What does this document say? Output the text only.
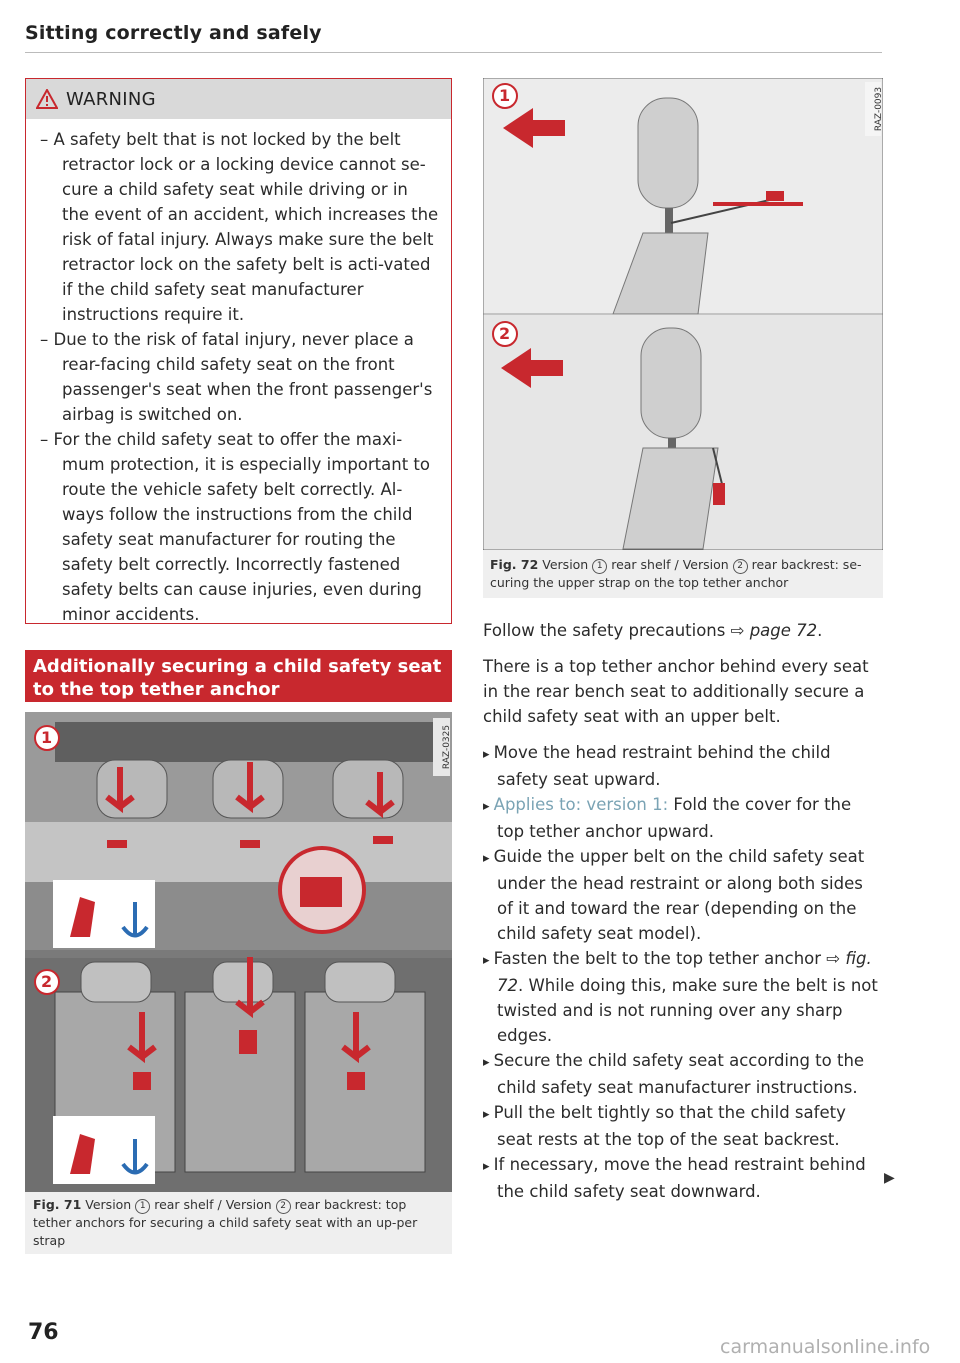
Sitting correctly and safely
WARNING
– A safety belt that is not locked by the belt retractor lock or a locking device cannot se-cure a child safety seat while driving or in the event of an accident, which increases the risk of fatal injury. Always make sure the belt retractor lock on the safety belt is acti-vated if the child safety seat manufacturer instructions require it.
– Due to the risk of fatal injury, never place a rear-facing child safety seat on the front passenger's seat when the front passenger's airbag is switched on.
– For the child safety seat to offer the maxi-mum protection, it is especially important to route the vehicle safety belt correctly. Al-ways follow the instructions from the child safety seat manufacturer for routing the safety belt correctly. Incorrectly fastened safety belts can cause injuries, even during minor accidents.
Additionally securing a child safety seat to the top tether anchor
1
2
RAZ-0325
Fig. 71 Version 1 rear shelf / Version 2 rear backrest: top tether anchors for securing a child safety seat with an up-per strap
1
2
RAZ-0093
Fig. 72 Version 1 rear shelf / Version 2 rear backrest: se-curing the upper strap on the top tether anchor
Follow the safety precautions ⇨ page 72.
There is a top tether anchor behind every seat in the rear bench seat to additionally secure a child safety seat with an upper belt.
▸ Move the head restraint behind the child safety seat upward.
▸ Applies to: version 1: Fold the cover for the top tether anchor upward.
▸ Guide the upper belt on the child safety seat under the head restraint or along both sides of it and toward the rear (depending on the child safety seat model).
▸ Fasten the belt to the top tether anchor ⇨ fig. 72. While doing this, make sure the belt is not twisted and is not running over any sharp edges.
▸ Secure the child safety seat according to the child safety seat manufacturer instructions.
▸ Pull the belt tightly so that the child safety seat rests at the top of the seat backrest.
▸ If necessary, move the head restraint behind the child safety seat downward.
▶
76
carmanualsonline.info
